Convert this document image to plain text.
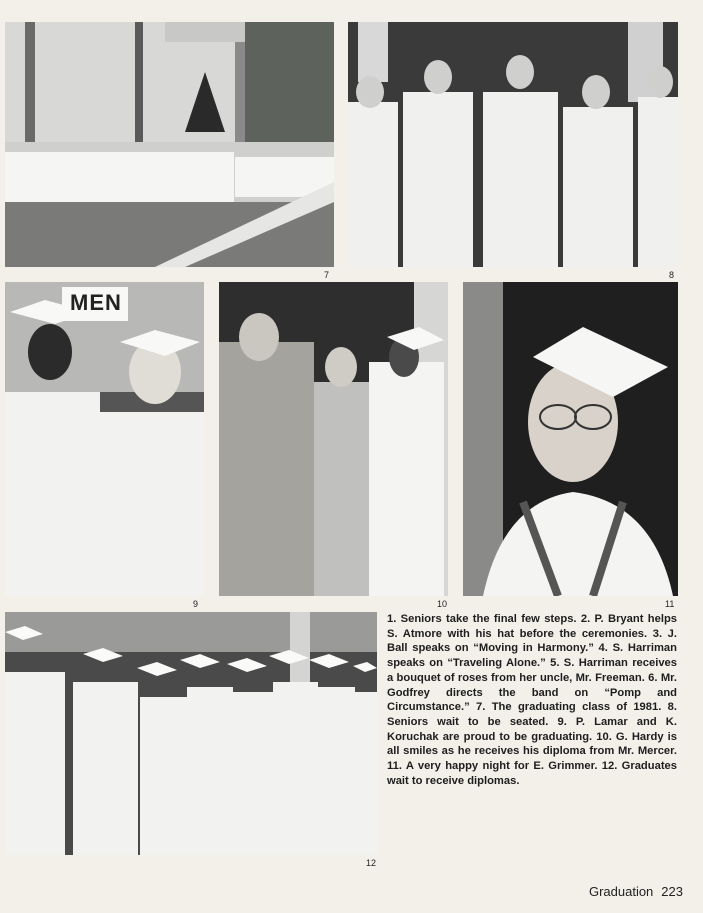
7	8
MEN
9	10	11
12
1. Seniors take the final few steps. 2. P. Bryant helps S. Atmore with his hat before the ceremonies. 3. J. Ball speaks on “Moving in Harmony.” 4. S. Harriman speaks on “Traveling Alone.” 5. S. Harriman receives a bouquet of roses from her uncle, Mr. Freeman. 6. Mr. Godfrey directs the band on “Pomp and Circumstance.” 7. The graduating class of 1981. 8. Seniors wait to be seated. 9. P. Lamar and K. Koruchak are proud to be graduating. 10. G. Hardy is all smiles as he receives his diploma from Mr. Mercer. 11. A very happy night for E. Grimmer. 12. Graduates wait to receive diplomas.
Graduation 223
